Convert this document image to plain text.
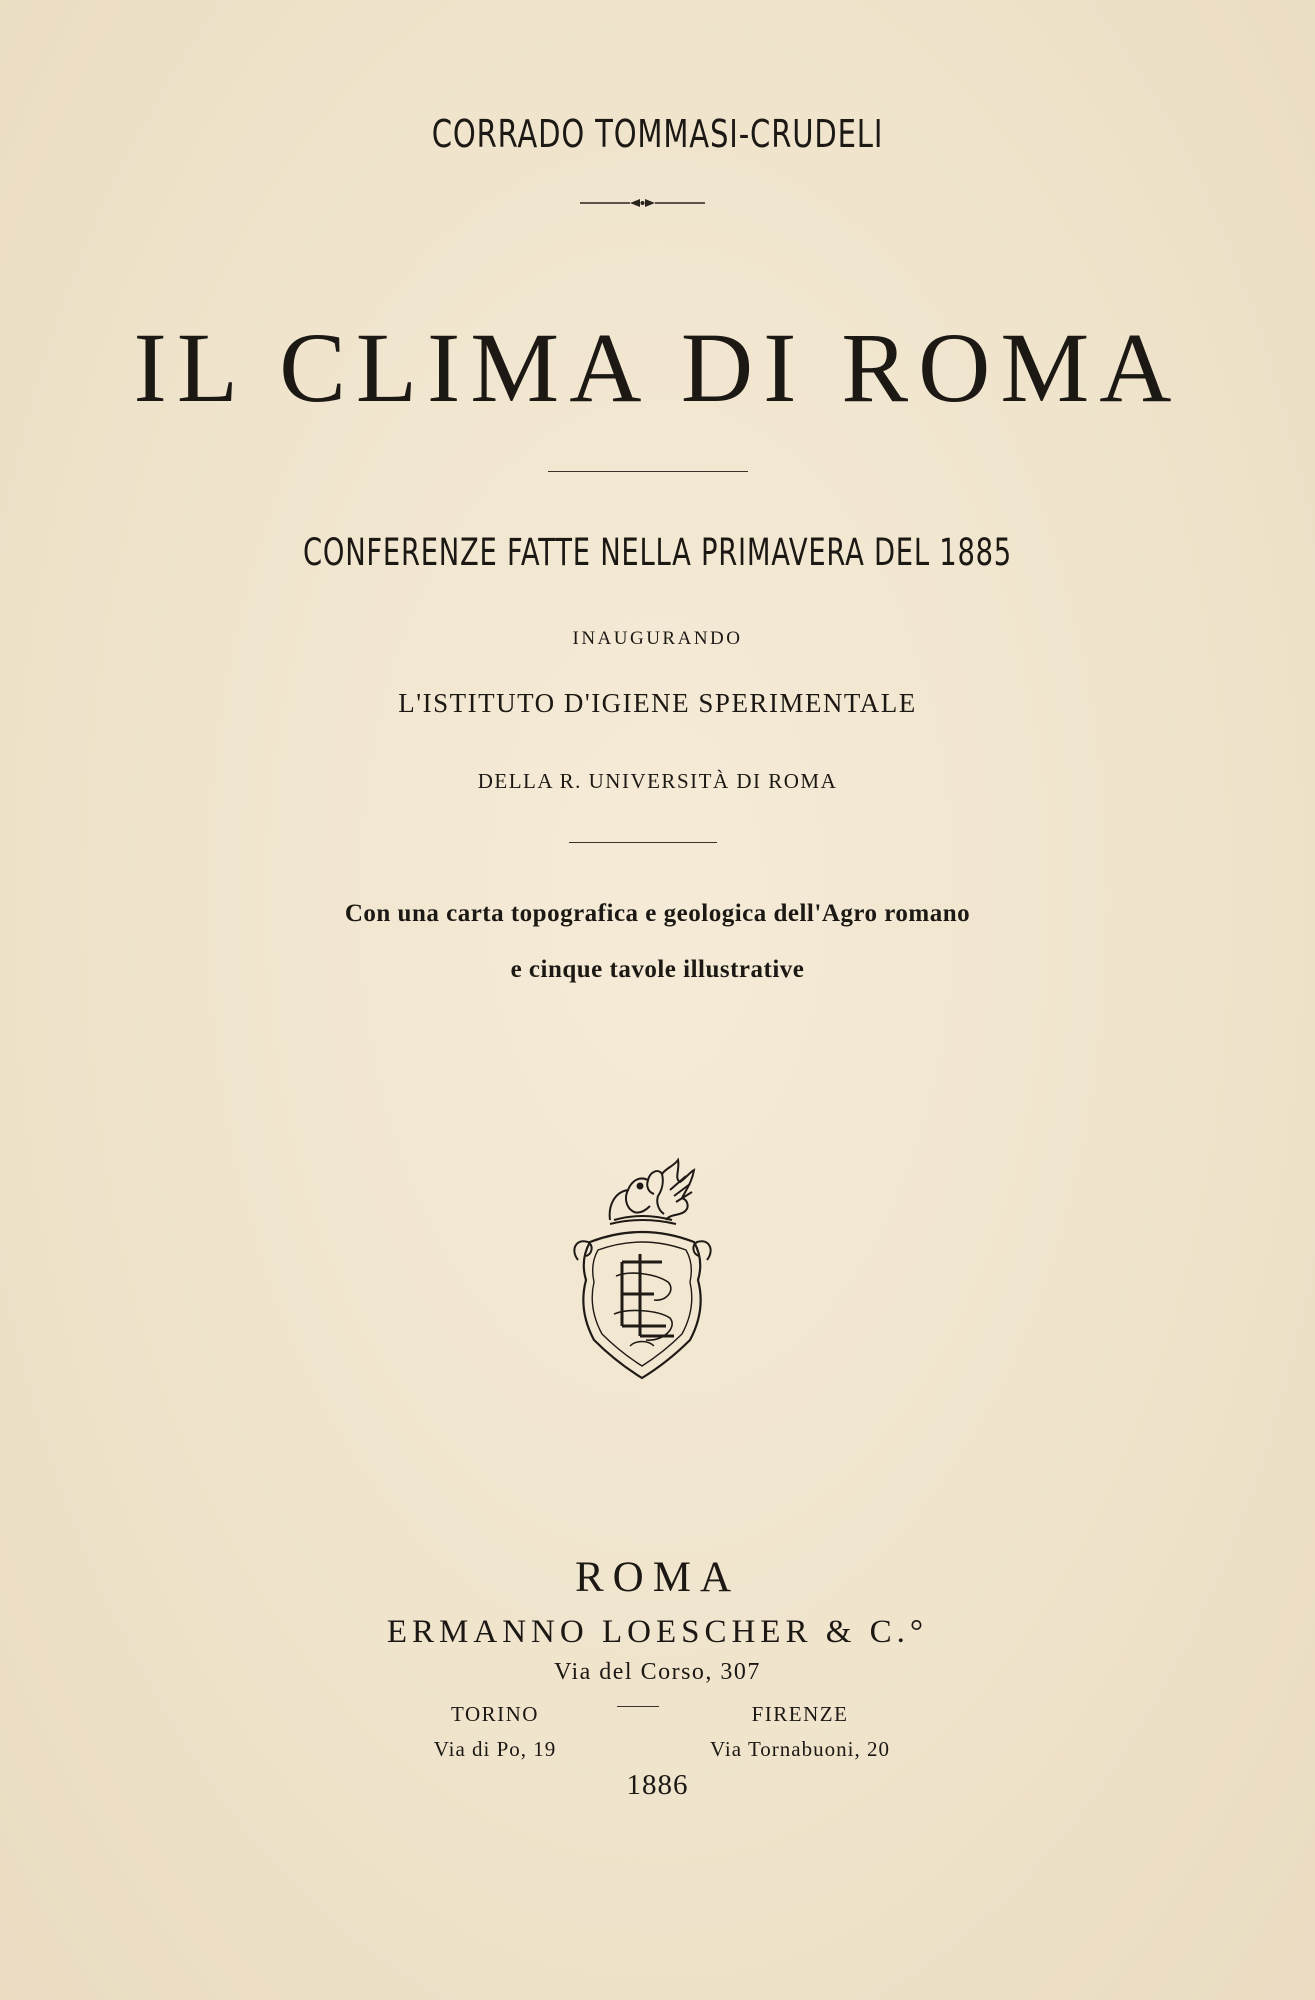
CORRADO TOMMASI-CRUDELI
IL CLIMA DI ROMA
CONFERENZE FATTE NELLA PRIMAVERA DEL 1885
INAUGURANDO
L'ISTITUTO D'IGIENE SPERIMENTALE
DELLA R. UNIVERSITÀ DI ROMA
Con una carta topografica e geologica dell'Agro romano
e cinque tavole illustrative
ROMA
ERMANNO LOESCHER & C.°
Via del Corso, 307
TORINO	FIRENZE
Via di Po, 19	Via Tornabuoni, 20
1886
